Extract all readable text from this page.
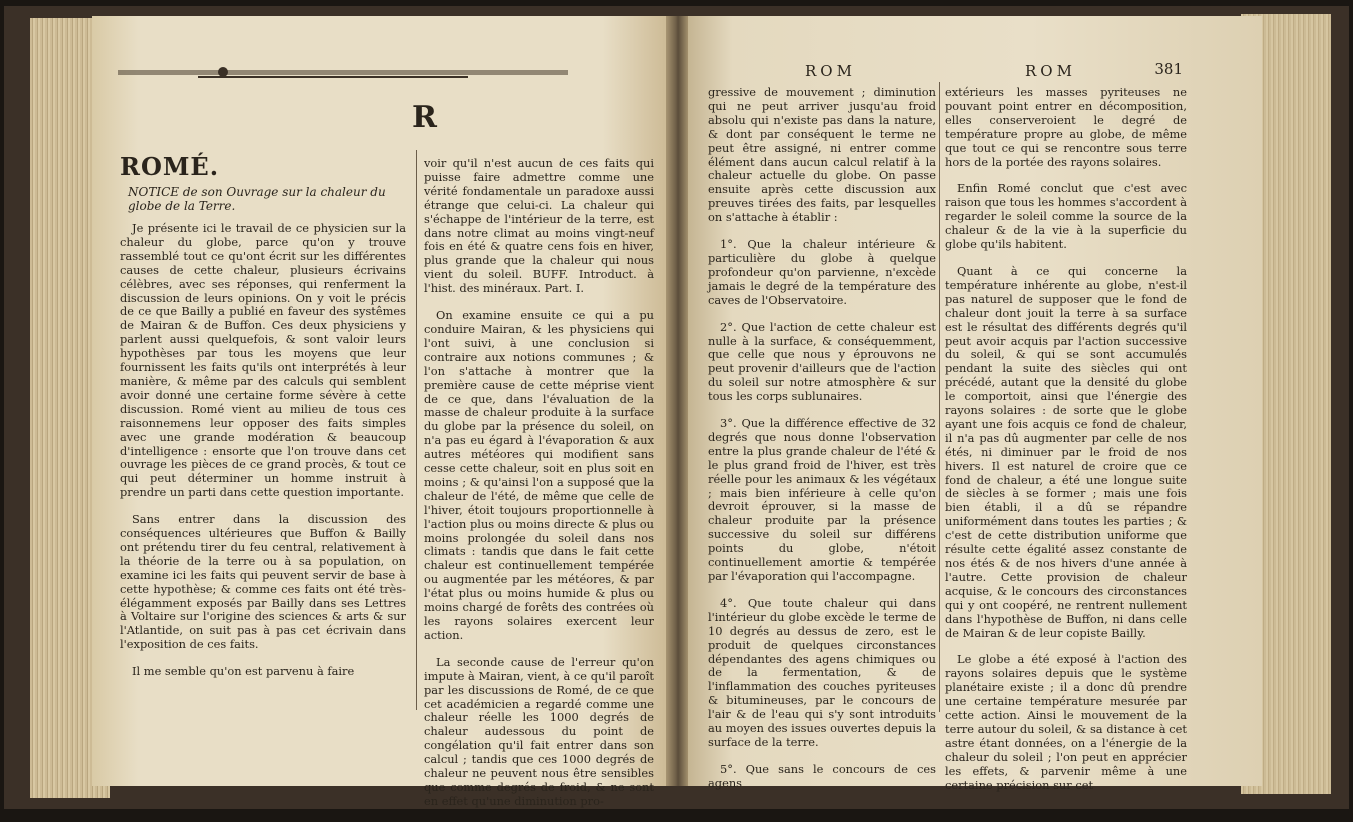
R
ROMÉ.
NOTICE de son Ouvrage sur la chaleur du globe de la Terre.

Je présente ici le travail de ce physicien sur la chaleur du globe, parce qu'on y trouve rassemblé tout ce qu'ont écrit sur les différentes causes de cette chaleur, plusieurs écrivains célèbres, avec ses réponses, qui renferment la discussion de leurs opinions. On y voit le précis de ce que Bailly a publié en faveur des systêmes de Mairan & de Buffon. Ces deux physiciens y parlent aussi quelquefois, & sont valoir leurs hypothèses par tous les moyens que leur fournissent les faits qu'ils ont interprétés à leur manière, & même par des calculs qui semblent avoir donné une certaine forme sévère à cette discussion. Romé vient au milieu de tous ces raisonnemens leur opposer des faits simples avec une grande modération & beaucoup d'intelligence : ensorte que l'on trouve dans cet ouvrage les pièces de ce grand procès, & tout ce qui peut déterminer un homme instruit à prendre un parti dans cette question importante.

Sans entrer dans la discussion des conséquences ultérieures que Buffon & Bailly ont prétendu tirer du feu central, relativement à la théorie de la terre ou à sa population, on examine ici les faits qui peuvent servir de base à cette hypothèse; & comme ces faits ont été très-élégamment exposés par Bailly dans ses Lettres à Voltaire sur l'origine des sciences & arts & sur l'Atlantide, on suit pas à pas cet écrivain dans l'exposition de ces faits.

Il me semble qu'on est parvenu à faire

voir qu'il n'est aucun de ces faits qui puisse faire admettre comme une vérité fondamentale un paradoxe aussi étrange que celui-ci. La chaleur qui s'échappe de l'intérieur de la terre, est dans notre climat au moins vingt-neuf fois en été & quatre cens fois en hiver, plus grande que la chaleur qui nous vient du soleil. BUFF. Introduct. à l'hist. des minéraux. Part. I.

On examine ensuite ce qui a pu conduire Mairan, & les physiciens qui l'ont suivi, à une conclusion si contraire aux notions communes ; & l'on s'attache à montrer que la première cause de cette méprise vient de ce que, dans l'évaluation de la masse de chaleur produite à la surface du globe par la présence du soleil, on n'a pas eu égard à l'évaporation & aux autres météores qui modifient sans cesse cette chaleur, soit en plus soit en moins ; & qu'ainsi l'on a supposé que la chaleur de l'été, de même que celle de l'hiver, étoit toujours proportionnelle à l'action plus ou moins directe & plus ou moins prolongée du soleil dans nos climats : tandis que dans le fait cette chaleur est continuellement tempérée ou augmentée par les météores, & par l'état plus ou moins humide & plus ou moins chargé de forêts des contrées où les rayons solaires exercent leur action.

La seconde cause de l'erreur qu'on impute à Mairan, vient, à ce qu'il paroît par les discussions de Romé, de ce que cet académicien a regardé comme une chaleur réelle les 1000 degrés de chaleur audessous du point de congélation qu'il fait entrer dans son calcul ; tandis que ces 1000 degrés de chaleur ne peuvent nous être sensibles que comme degrés de froid, & ne sont en effet qu'une diminution pro-

ROM	ROM	381

gressive de mouvement ; diminution qui ne peut arriver jusqu'au froid absolu qui n'existe pas dans la nature, & dont par conséquent le terme ne peut être assigné, ni entrer comme élément dans aucun calcul relatif à la chaleur actuelle du globe. On passe ensuite après cette discussion aux preuves tirées des faits, par lesquelles on s'attache à établir :

1°. Que la chaleur intérieure & particulière du globe à quelque profondeur qu'on parvienne, n'excède jamais le degré de la température des caves de l'Observatoire.

2°. Que l'action de cette chaleur est nulle à la surface, & conséquemment, que celle que nous y éprouvons ne peut provenir d'ailleurs que de l'action du soleil sur notre atmosphère & sur tous les corps sublunaires.

3°. Que la différence effective de 32 degrés que nous donne l'observation entre la plus grande chaleur de l'été & le plus grand froid de l'hiver, est très réelle pour les animaux & les végétaux ; mais bien inférieure à celle qu'on devroit éprouver, si la masse de chaleur produite par la présence successive du soleil sur différens points du globe, n'étoit continuellement amortie & tempérée par l'évaporation qui l'accompagne.

4°. Que toute chaleur qui dans l'intérieur du globe excède le terme de 10 degrés au dessus de zero, est le produit de quelques circonstances dépendantes des agens chimiques ou de la fermentation, & de l'inflammation des couches pyriteuses & bitumineuses, par le concours de l'air & de l'eau qui s'y sont introduits au moyen des issues ouvertes depuis la surface de la terre.

5°. Que sans le concours de ces agens

extérieurs les masses pyriteuses ne pouvant point entrer en décomposition, elles conserveroient le degré de température propre au globe, de même que tout ce qui se rencontre sous terre hors de la portée des rayons solaires.

Enfin Romé conclut que c'est avec raison que tous les hommes s'accordent à regarder le soleil comme la source de la chaleur & de la vie à la superficie du globe qu'ils habitent.

Quant à ce qui concerne la température inhérente au globe, n'est-il pas naturel de supposer que le fond de chaleur dont jouit la terre à sa surface est le résultat des différents degrés qu'il peut avoir acquis par l'action successive du soleil, & qui se sont accumulés pendant la suite des siècles qui ont précédé, autant que la densité du globe le comportoit, ainsi que l'énergie des rayons solaires : de sorte que le globe ayant une fois acquis ce fond de chaleur, il n'a pas dû augmenter par celle de nos étés, ni diminuer par le froid de nos hivers. Il est naturel de croire que ce fond de chaleur, a été une longue suite de siècles à se former ; mais une fois bien établi, il a dû se répandre uniformément dans toutes les parties ; & c'est de cette distribution uniforme que résulte cette égalité assez constante de nos étés & de nos hivers d'une année à l'autre. Cette provision de chaleur acquise, & le concours des circonstances qui y ont coopéré, ne rentrent nullement dans l'hypothèse de Buffon, ni dans celle de Mairan & de leur copiste Bailly.

Le globe a été exposé à l'action des rayons solaires depuis que le système planétaire existe ; il a donc dû prendre une certaine température mesurée par cette action. Ainsi le mouvement de la terre autour du soleil, & sa distance à cet astre étant données, on a l'énergie de la chaleur du soleil ; l'on peut en apprécier les effets, & parvenir même à une certaine précision sur cet
